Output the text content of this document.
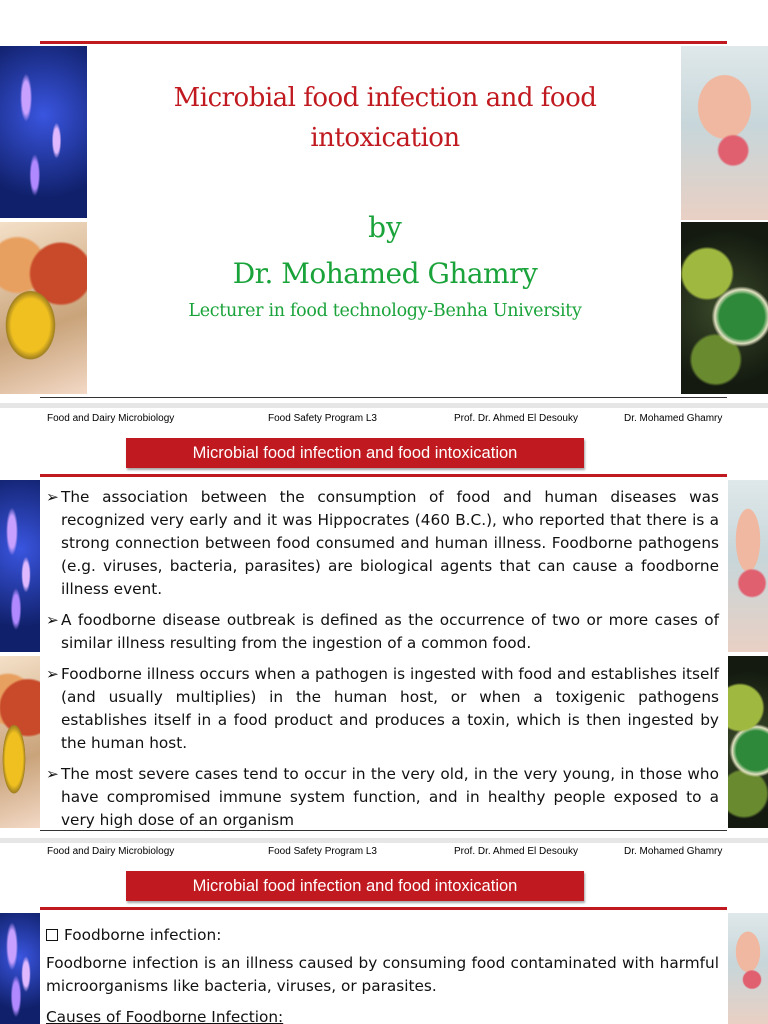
Microbial food infection and food
intoxication
by
Dr. Mohamed Ghamry
Lecturer in food technology-Benha University
Food and Dairy Microbiology	Food Safety Program L3	Prof. Dr. Ahmed El Desouky	Dr. Mohamed Ghamry
Microbial food infection and food intoxication
➢ The association between the consumption of food and human diseases was recognized very early and it was Hippocrates (460 B.C.), who reported that there is a strong connection between food consumed and human illness. Foodborne pathogens (e.g. viruses, bacteria, parasites) are biological agents that can cause a foodborne illness event.
➢ A foodborne disease outbreak is defined as the occurrence of two or more cases of similar illness resulting from the ingestion of a common food.
➢ Foodborne illness occurs when a pathogen is ingested with food and establishes itself (and usually multiplies) in the human host, or when a toxigenic pathogens establishes itself in a food product and produces a toxin, which is then ingested by the human host.
➢ The most severe cases tend to occur in the very old, in the very young, in those who have compromised immune system function, and in healthy people exposed to a very high dose of an organism
Food and Dairy Microbiology	Food Safety Program L3	Prof. Dr. Ahmed El Desouky	Dr. Mohamed Ghamry
Microbial food infection and food intoxication
Foodborne infection:
Foodborne infection is an illness caused by consuming food contaminated with harmful microorganisms like bacteria, viruses, or parasites.
Causes of Foodborne Infection:
